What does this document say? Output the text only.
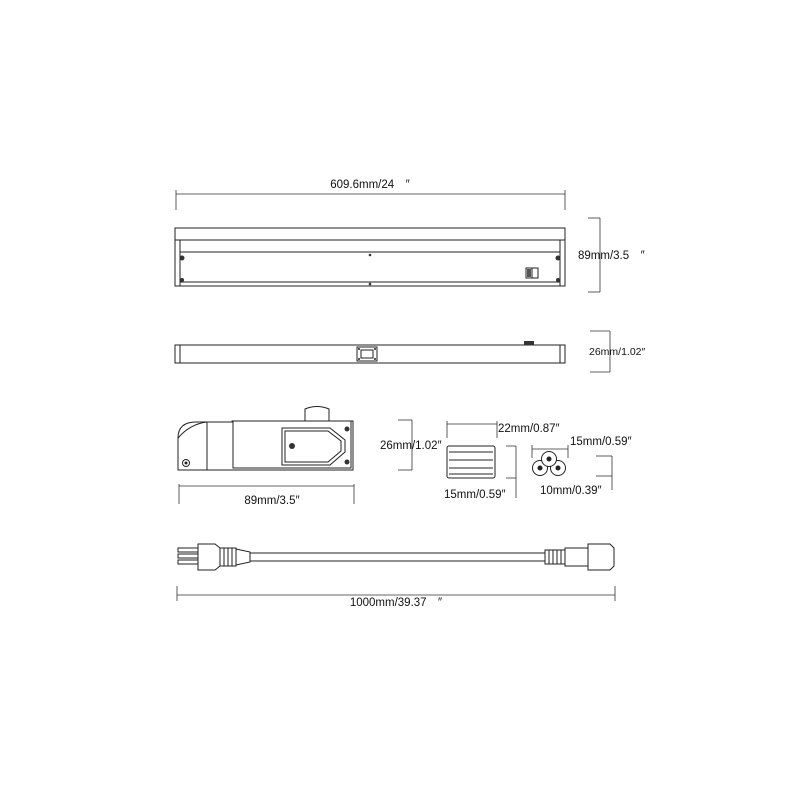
609.6mm/24　″
89mm/3.5　″
26mm/1.02″
89mm/3.5″
26mm/1.02″
22mm/0.87″
15mm/0.59″
15mm/0.59″
10mm/0.39″
1000mm/39.37　″
